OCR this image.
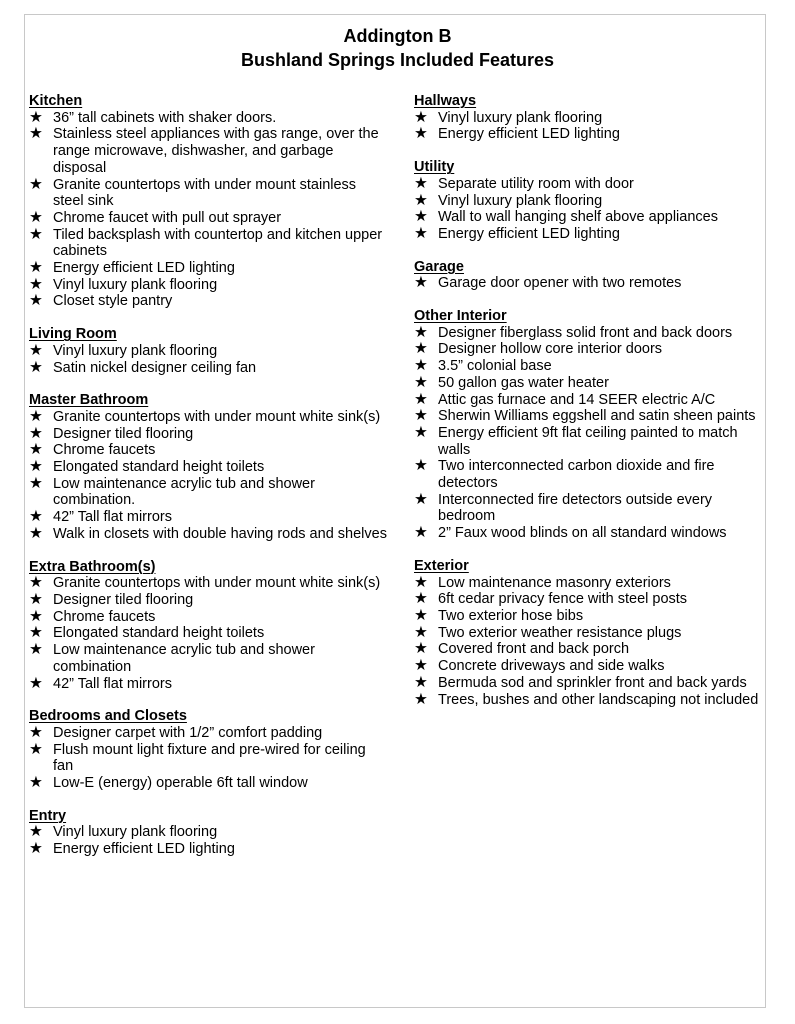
Addington B
Bushland Springs Included Features
Kitchen
★ 36” tall cabinets with shaker doors.
★ Stainless steel appliances with gas range, over the range microwave, dishwasher, and garbage disposal
★ Granite countertops with under mount stainless steel sink
★ Chrome faucet with pull out sprayer
★ Tiled backsplash with countertop and kitchen upper cabinets
★ Energy efficient LED lighting
★ Vinyl luxury plank flooring
★ Closet style pantry
Living Room
★ Vinyl luxury plank flooring
★ Satin nickel designer ceiling fan
Master Bathroom
★ Granite countertops with under mount white sink(s)
★ Designer tiled flooring
★ Chrome faucets
★ Elongated standard height toilets
★ Low maintenance acrylic tub and shower combination.
★ 42” Tall flat mirrors
★ Walk in closets with double having rods and shelves
Extra Bathroom(s)
★ Granite countertops with under mount white sink(s)
★ Designer tiled flooring
★ Chrome faucets
★ Elongated standard height toilets
★ Low maintenance acrylic tub and shower combination
★ 42” Tall flat mirrors
Bedrooms and Closets
★ Designer carpet with 1/2” comfort padding
★ Flush mount light fixture and pre-wired for ceiling fan
★ Low-E (energy) operable 6ft tall window
Entry
★ Vinyl luxury plank flooring
★ Energy efficient LED lighting
Hallways
★ Vinyl luxury plank flooring
★ Energy efficient LED lighting
Utility
★ Separate utility room with door
★ Vinyl luxury plank flooring
★ Wall to wall hanging shelf above appliances
★ Energy efficient LED lighting
Garage
★ Garage door opener with two remotes
Other Interior
★ Designer fiberglass solid front and back doors
★ Designer hollow core interior doors
★ 3.5” colonial base
★ 50 gallon gas water heater
★ Attic gas furnace and 14 SEER electric A/C
★ Sherwin Williams eggshell and satin sheen paints
★ Energy efficient 9ft flat ceiling painted to match walls
★ Two interconnected carbon dioxide and fire detectors
★ Interconnected fire detectors outside every bedroom
★ 2” Faux wood blinds on all standard windows
Exterior
★ Low maintenance masonry exteriors
★ 6ft cedar privacy fence with steel posts
★ Two exterior hose bibs
★ Two exterior weather resistance plugs
★ Covered front and back porch
★ Concrete driveways and side walks
★ Bermuda sod and sprinkler front and back yards
★ Trees, bushes and other landscaping not included
